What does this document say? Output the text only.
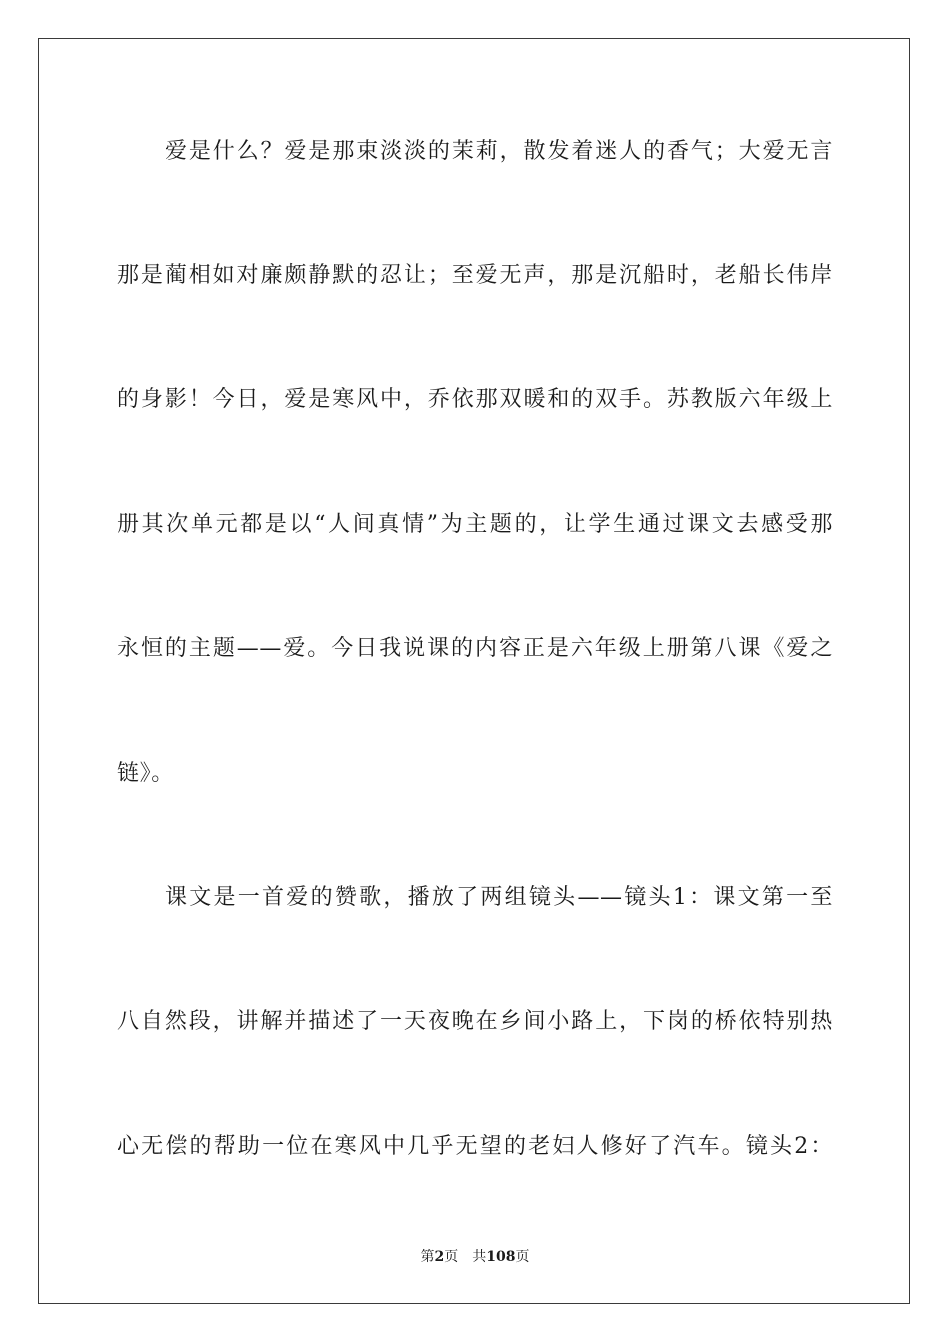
爱是什么？爱是那束淡淡的茉莉，散发着迷人的香气；大爱无言
那是蔺相如对廉颇静默的忍让；至爱无声，那是沉船时，老船长伟岸
的身影！今日，爱是寒风中，乔依那双暖和的双手。苏教版六年级上
册其次单元都是以“人间真情”为主题的，让学生通过课文去感受那
永恒的主题——爱。今日我说课的内容正是六年级上册第八课《爱之
链》。
课文是一首爱的赞歌，播放了两组镜头——镜头1：课文第一至
八自然段，讲解并描述了一天夜晚在乡间小路上，下岗的桥依特别热
心无偿的帮助一位在寒风中几乎无望的老妇人修好了汽车。镜头2：
第2页 共108页
